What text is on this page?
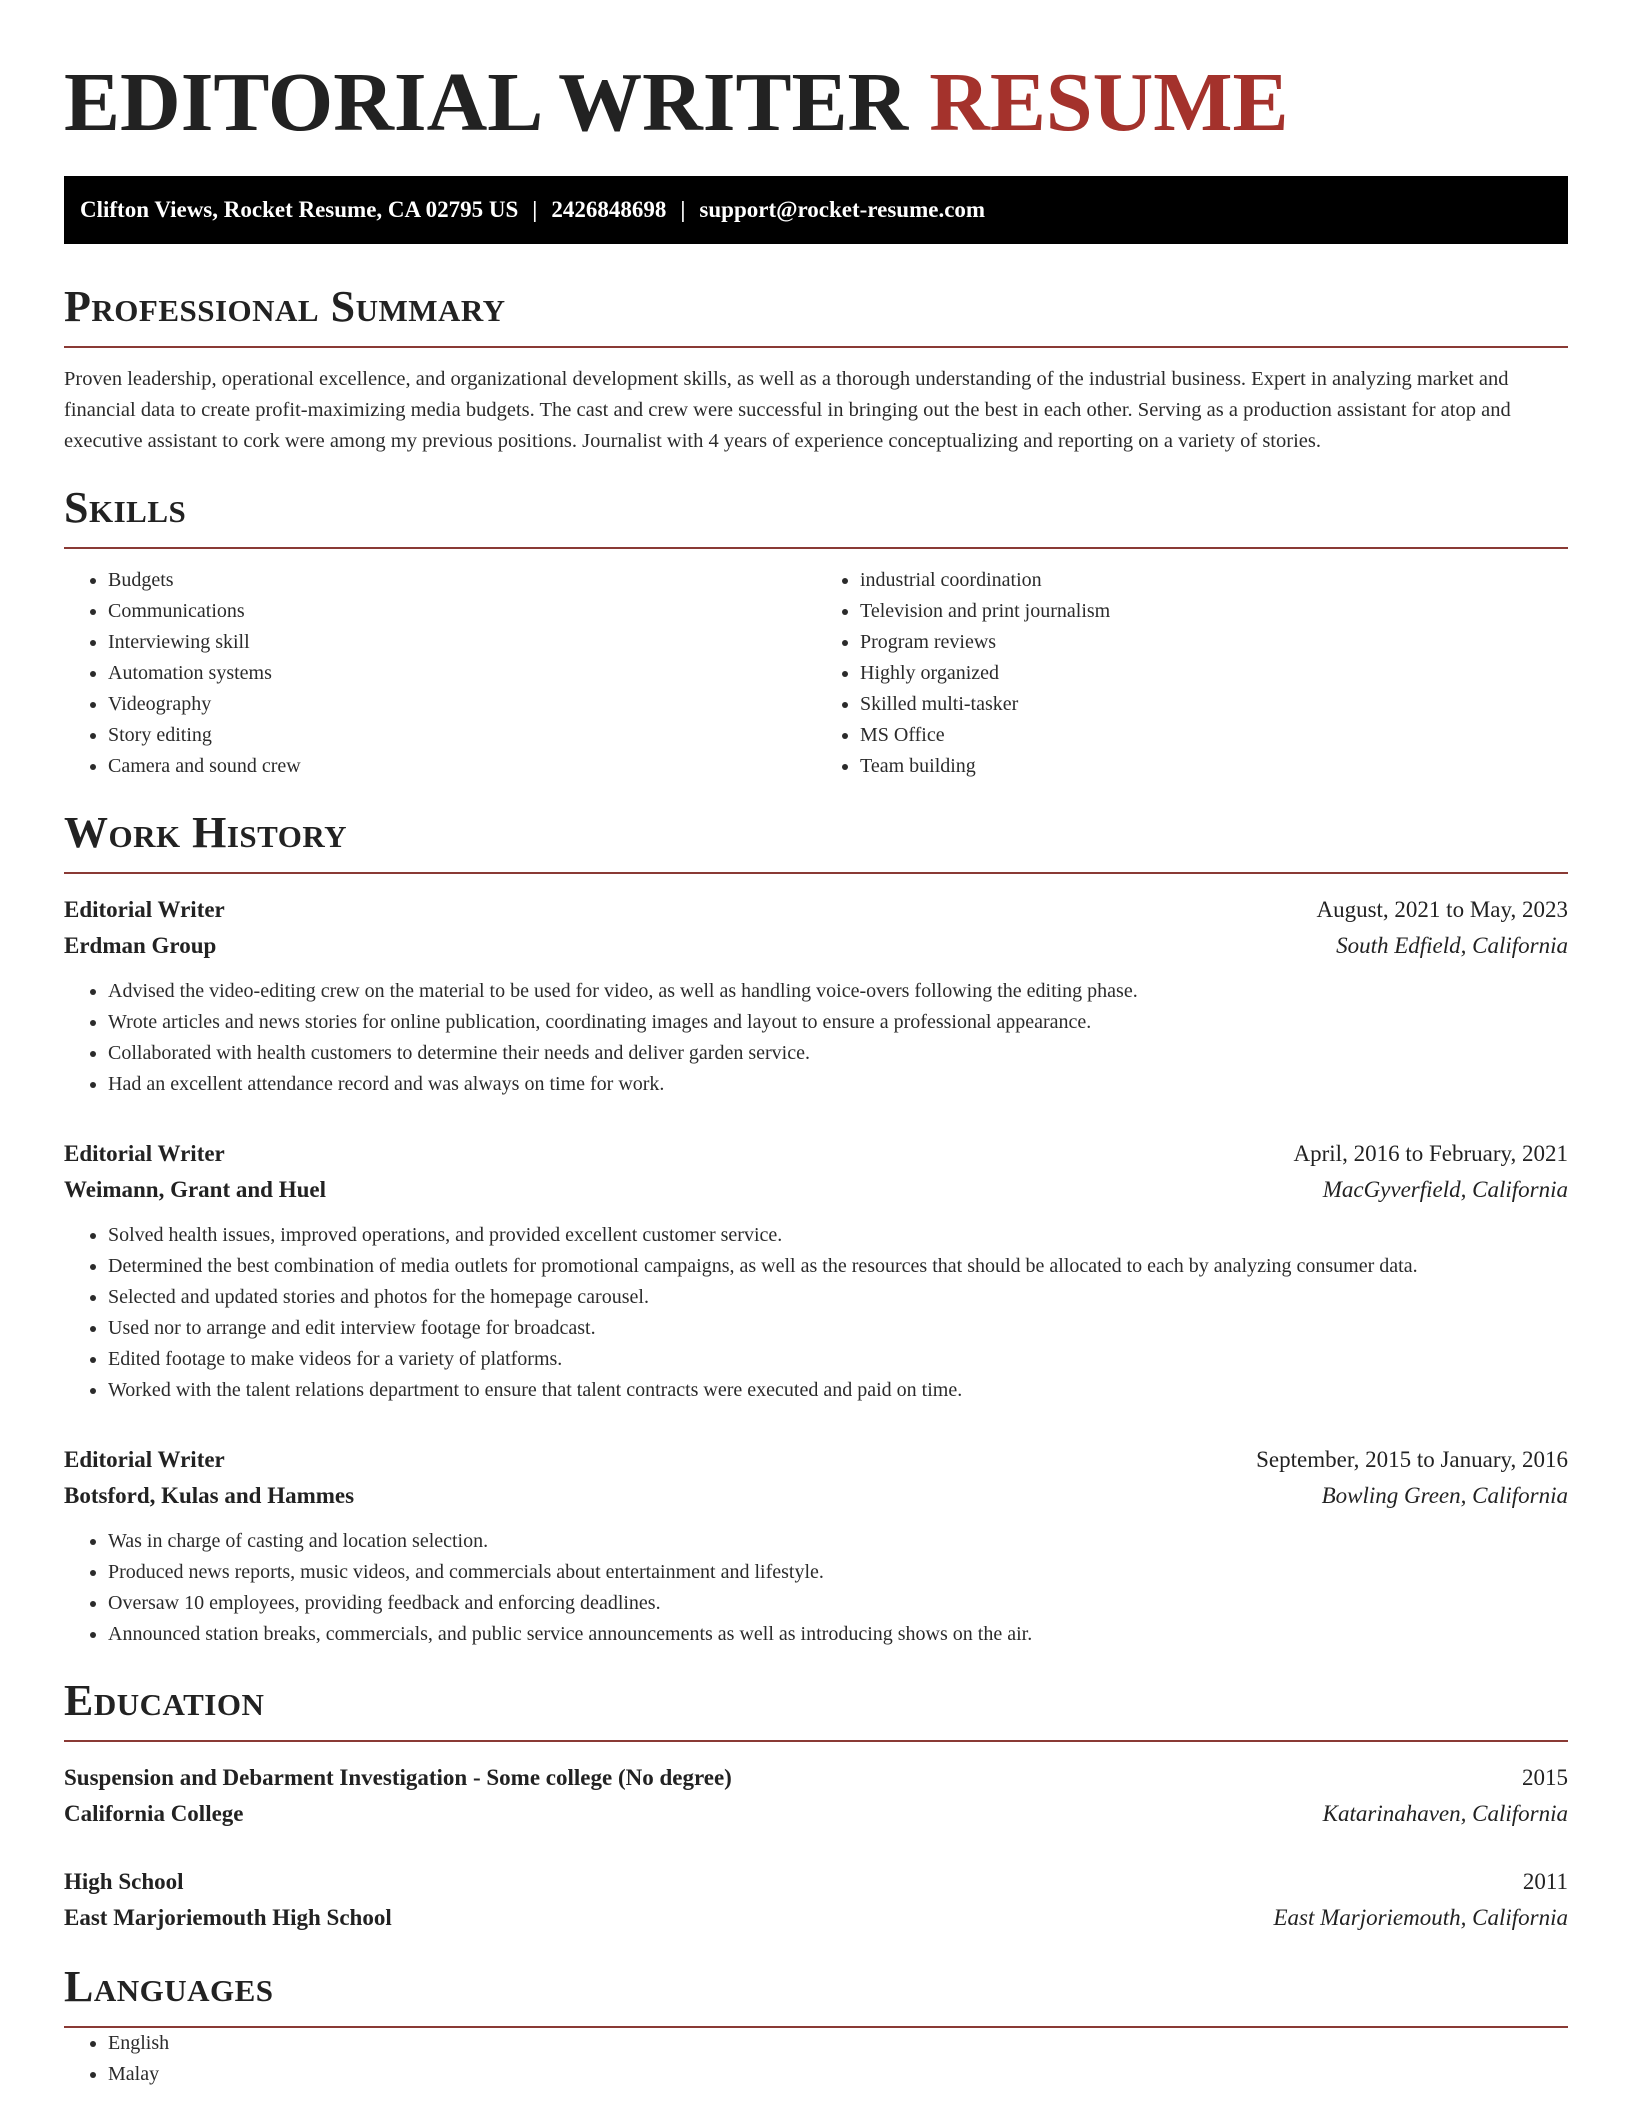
EDITORIAL WRITER RESUME
Clifton Views, Rocket Resume, CA 02795 US | 2426848698 | support@rocket-resume.com
Professional Summary

Proven leadership, operational excellence, and organizational development skills, as well as a thorough understanding of the industrial business. Expert in analyzing market and financial data to create profit-maximizing media budgets. The cast and crew were successful in bringing out the best in each other. Serving as a production assistant for atop and executive assistant to cork were among my previous positions. Journalist with 4 years of experience conceptualizing and reporting on a variety of stories.

Skills
• Budgets
• Communications
• Interviewing skill
• Automation systems
• Videography
• Story editing
• Camera and sound crew
• industrial coordination
• Television and print journalism
• Program reviews
• Highly organized
• Skilled multi-tasker
• MS Office
• Team building
Work History
Editorial Writer	August, 2021 to May, 2023
Erdman Group	South Edfield, California
• Advised the video-editing crew on the material to be used for video, as well as handling voice-overs following the editing phase.
• Wrote articles and news stories for online publication, coordinating images and layout to ensure a professional appearance.
• Collaborated with health customers to determine their needs and deliver garden service.
• Had an excellent attendance record and was always on time for work.
Editorial Writer	April, 2016 to February, 2021
Weimann, Grant and Huel	MacGyverfield, California
• Solved health issues, improved operations, and provided excellent customer service.
• Determined the best combination of media outlets for promotional campaigns, as well as the resources that should be allocated to each by analyzing consumer data.
• Selected and updated stories and photos for the homepage carousel.
• Used nor to arrange and edit interview footage for broadcast.
• Edited footage to make videos for a variety of platforms.
• Worked with the talent relations department to ensure that talent contracts were executed and paid on time.
Editorial Writer	September, 2015 to January, 2016
Botsford, Kulas and Hammes	Bowling Green, California
• Was in charge of casting and location selection.
• Produced news reports, music videos, and commercials about entertainment and lifestyle.
• Oversaw 10 employees, providing feedback and enforcing deadlines.
• Announced station breaks, commercials, and public service announcements as well as introducing shows on the air.
Education
Suspension and Debarment Investigation - Some college (No degree)	2015
California College	Katarinahaven, California
High School	2011
East Marjoriemouth High School	East Marjoriemouth, California
Languages
• English
• Malay
